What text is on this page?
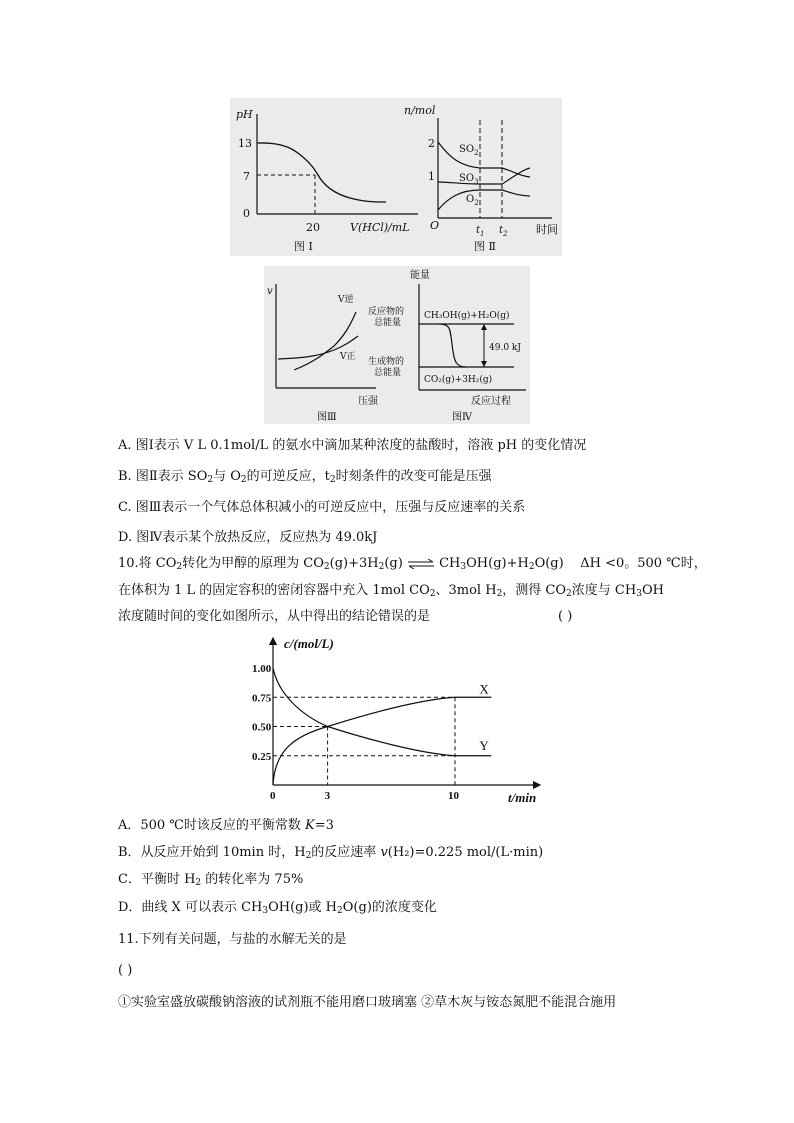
pH
13
7
0
20	V(HCl)/mL
图 Ⅰ
n/mol
2
1
O
$SO_2$
$SO_3$
$O_2$
$t_1$ $t_2$	时间
图 Ⅱ
v
V逆
V正
压强
图Ⅲ
能量
反应物的
总能量
生成物的
总能量
CH₃OH(g)+H₂O(g)
CO₂(g)+3H₂(g)
49.0 kJ
反应过程
图Ⅳ
A. 图Ⅰ表示 V L 0.1mol/L 的氨水中滴加某种浓度的盐酸时，溶液 pH 的变化情况
B. 图Ⅱ表示 $SO_2$与 $O_2$的可逆反应，$t_2$时刻条件的改变可能是压强
C. 图Ⅲ表示一个气体总体积减小的可逆反应中，压强与反应速率的关系
D. 图Ⅳ表示某个放热反应，反应热为 49.0kJ
10.将 $CO_2$转化为甲醇的原理为 $CO_2(g)+3H_2(g)$ ⇌ $CH_3OH(g)+H_2O(g)$ ΔH <0。500 ℃时，
在体积为 1 L 的固定容积的密闭容器中充入 1mol $CO_2$、3mol $H_2$，测得 $CO_2$浓度与 $CH_3OH$
浓度随时间的变化如图所示，从中得出的结论错误的是	( )
c/(mol/L)
t/min
1.00
0.75
0.50
0.25
0	3	10
X
Y
A．500 ℃时该反应的平衡常数 K=3
B．从反应开始到 10min 时，$H_2$的反应速率 v(H₂)=0.225 mol/(L·min)
C．平衡时 $H_2$ 的转化率为 75%
D．曲线 X 可以表示 $CH_3OH(g)$或 $H_2O(g)$的浓度变化
11.下列有关问题，与盐的水解无关的是
( )
①实验室盛放碳酸钠溶液的试剂瓶不能用磨口玻璃塞 ②草木灰与铵态氮肥不能混合施用
